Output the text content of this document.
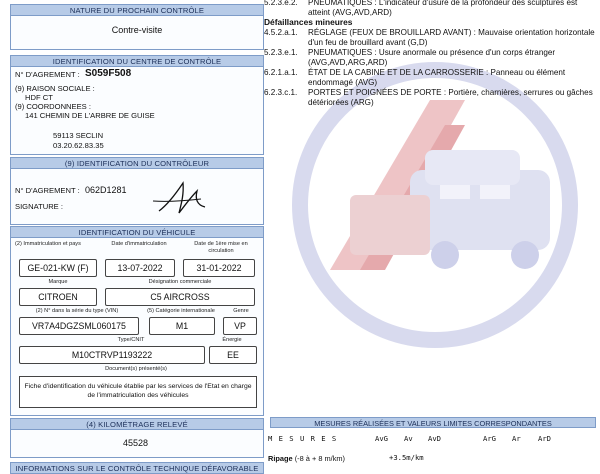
NATURE DU PROCHAIN CONTRÔLE
Contre-visite
IDENTIFICATION DU CENTRE DE CONTRÔLE
N° D'AGREMENT : S059F508
(9) RAISON SOCIALE :
HDF CT
(9) COORDONNEES :
141 CHEMIN DE L'ARBRE DE GUISE
59113 SECLIN
03.20.62.83.35
(9) IDENTIFICATION DU CONTRÔLEUR
N° D'AGREMENT : 062D1281
SIGNATURE :
IDENTIFICATION DU VÉHICULE
(2) Immatriculation et pays	Date d'immatriculation	Date de 1ère mise en circulation
GE-021-KW (F)	13-07-2022	31-01-2022
Marque	Désignation commerciale
CITROEN	C5 AIRCROSS
(2) N° dans la série du type (VIN)	(5) Catégorie internationale	Genre
VR7A4DGZSML060175	M1	VP
Type/CNIT	Énergie
M10CTRVP1193222	EE
Document(s) présenté(s)
Fiche d'identification du véhicule établie par les services de l'Etat en charge de l'immatriculation des véhicules
(4) KILOMÉTRAGE RELEVÉ
45528
INFORMATIONS SUR LE CONTRÔLE TECHNIQUE DÉFAVORABLE
5.2.3.e.2.	PNEUMATIQUES : L'indicateur d'usure de la profondeur des sculptures est atteint (AVG,AVD,ARD)
Défaillances mineures
4.5.2.a.1.	RÉGLAGE (FEUX DE BROUILLARD AVANT) : Mauvaise orientation horizontale d'un feu de brouillard avant (G,D)
5.2.3.e.1.	PNEUMATIQUES : Usure anormale ou présence d'un corps étranger (AVG,AVD,ARG,ARD)
6.2.1.a.1.	ÉTAT DE LA CABINE ET DE LA CARROSSERIE : Panneau ou élément endommagé (AVG)
6.2.3.c.1.	PORTES ET POIGNÉES DE PORTE : Portière, charnières, serrures ou gâches détériorées (ARG)
MESURES RÉALISÉES ET VALEURS LIMITES CORRESPONDANTES
M E S U R E S	AvG Av AvD	ArG Ar ArD
Ripage (-8 à + 8 m/km)	+3.5m/km
